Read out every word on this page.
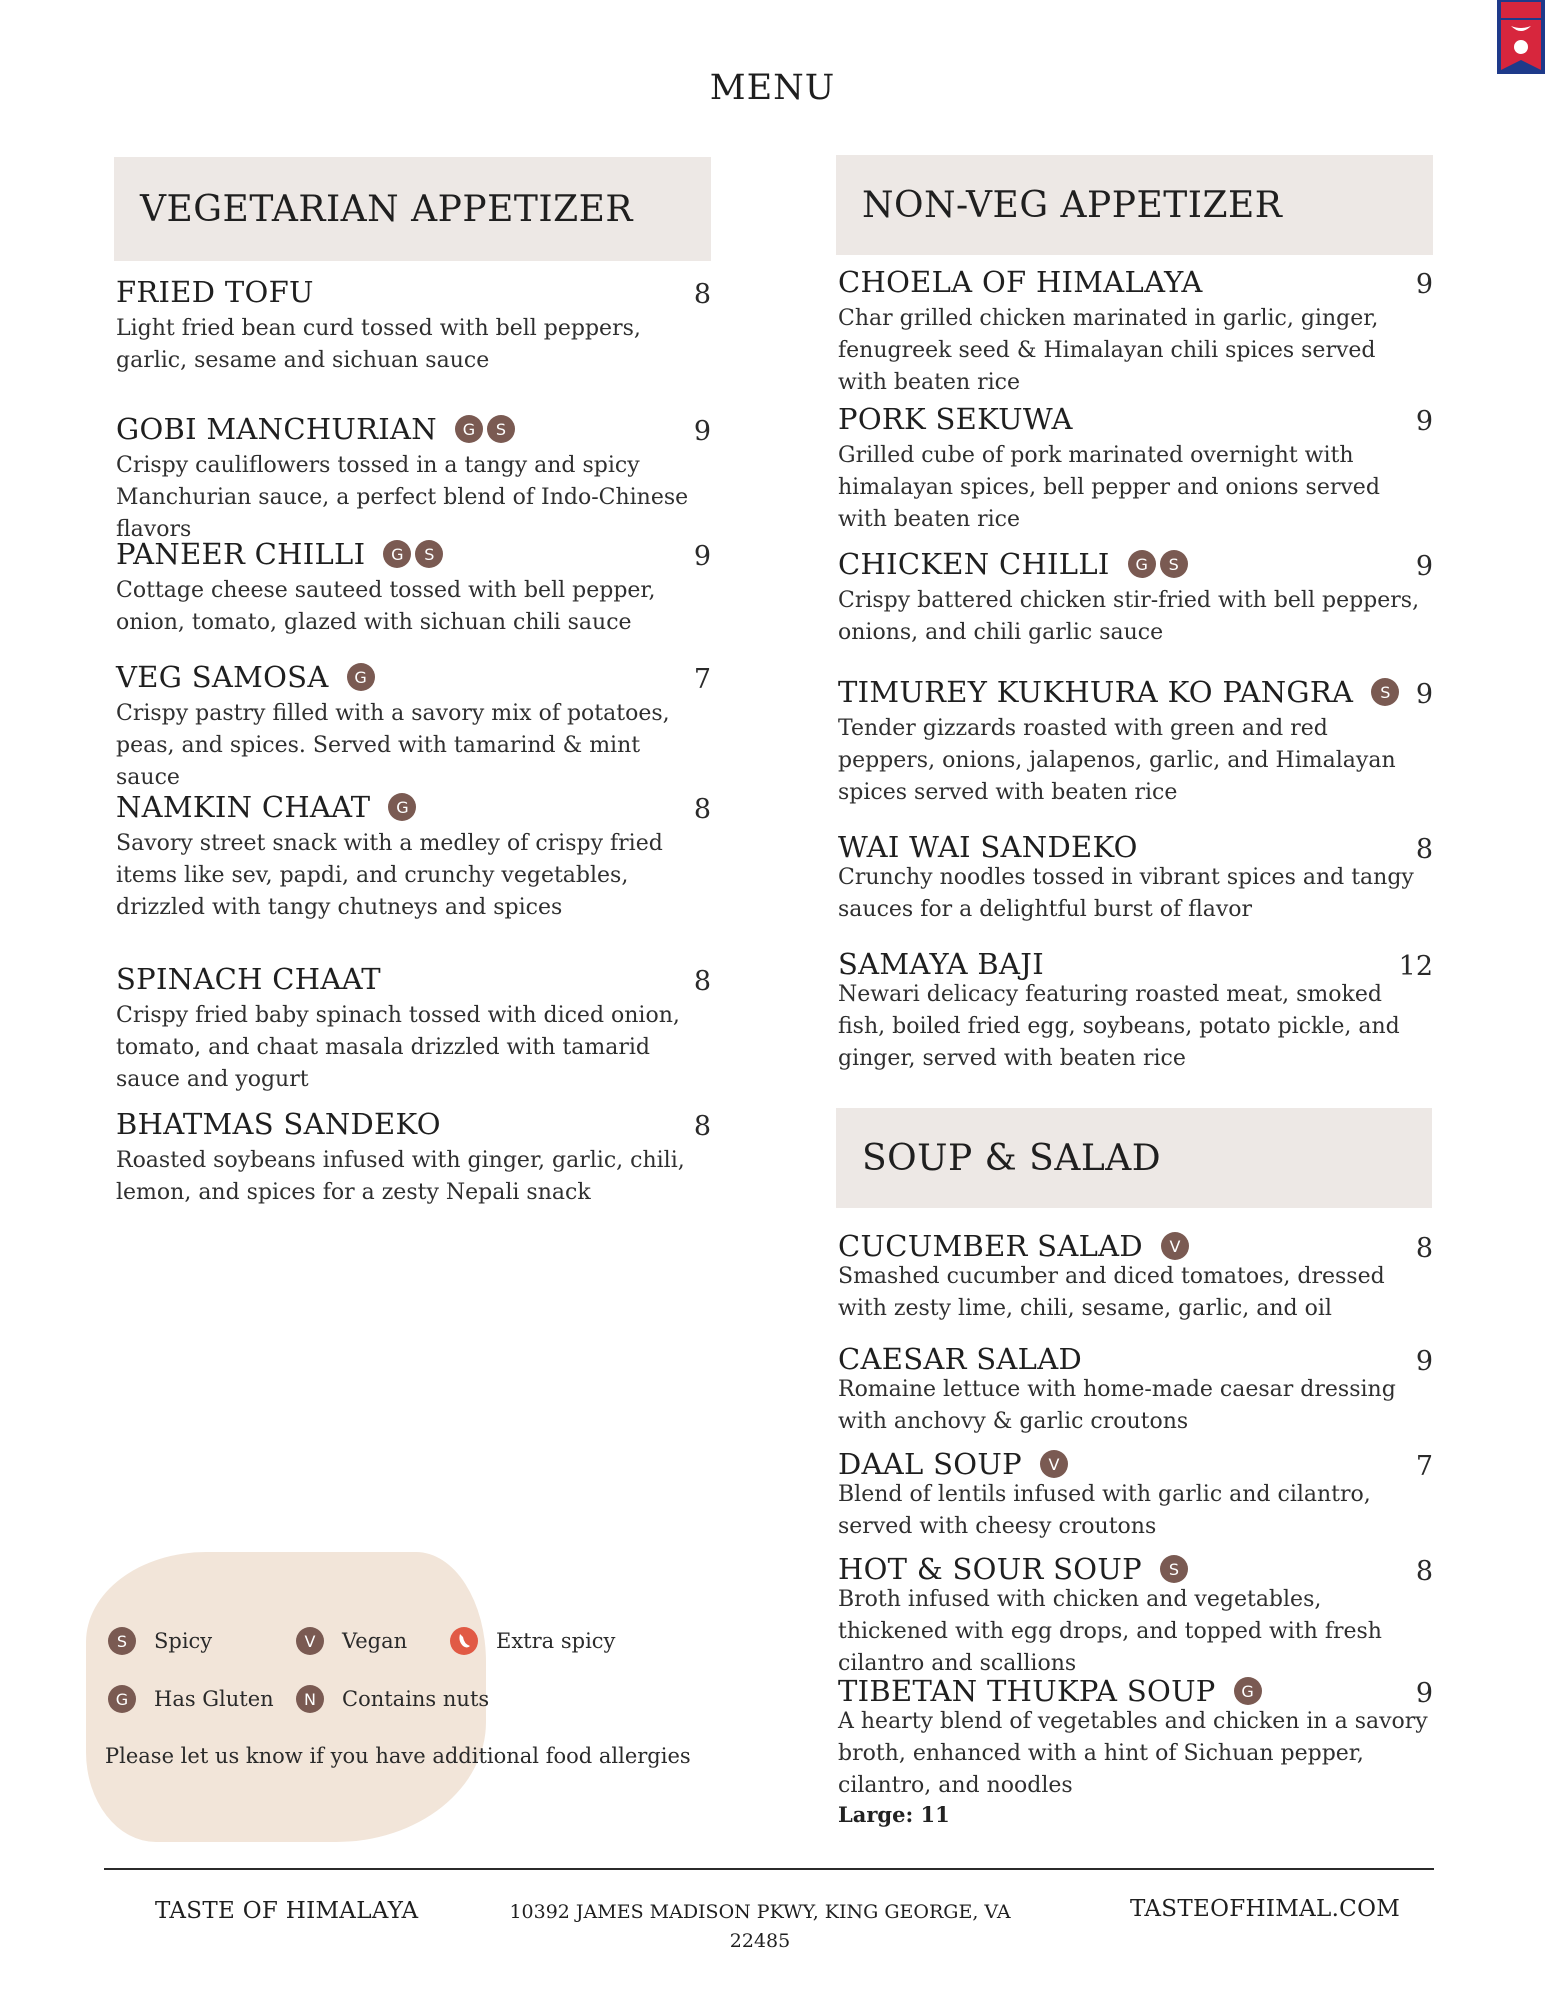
MENU
VEGETARIAN APPETIZER
FRIED TOFU	8
Light fried bean curd tossed with bell peppers, garlic, sesame and sichuan sauce
GOBI MANCHURIAN	G	S	9
Crispy cauliflowers tossed in a tangy and spicy Manchurian sauce, a perfect blend of Indo-Chinese flavors
PANEER CHILLI	G	S	9
Cottage cheese sauteed tossed with bell pepper, onion, tomato, glazed with sichuan chili sauce
VEG SAMOSA	G	7
Crispy pastry filled with a savory mix of potatoes, peas, and spices. Served with tamarind & mint sauce
NAMKIN CHAAT	G	8
Savory street snack with a medley of crispy fried items like sev, papdi, and crunchy vegetables, drizzled with tangy chutneys and spices
SPINACH CHAAT	8
Crispy fried baby spinach tossed with diced onion, tomato, and chaat masala drizzled with tamarid sauce and yogurt
BHATMAS SANDEKO	8
Roasted soybeans infused with ginger, garlic, chili, lemon, and spices for a zesty Nepali snack
NON-VEG APPETIZER
CHOELA OF HIMALAYA	9
Char grilled chicken marinated in garlic, ginger, fenugreek seed & Himalayan chili spices served with beaten rice
PORK SEKUWA	9
Grilled cube of pork marinated overnight with himalayan spices, bell pepper and onions served with beaten rice
CHICKEN CHILLI	G	S	9
Crispy battered chicken stir-fried with bell peppers, onions, and chili garlic sauce
TIMUREY KUKHURA KO PANGRA	S 9
Tender gizzards roasted with green and red peppers, onions, jalapenos, garlic, and Himalayan spices served with beaten rice
WAI WAI SANDEKO	8
Crunchy noodles tossed in vibrant spices and tangy sauces for a delightful burst of flavor
SAMAYA BAJI	12
Newari delicacy featuring roasted meat, smoked fish, boiled fried egg, soybeans, potato pickle, and ginger, served with beaten rice
SOUP & SALAD
CUCUMBER SALAD	V	8
Smashed cucumber and diced tomatoes, dressed with zesty lime, chili, sesame, garlic, and oil
CAESAR SALAD	9
Romaine lettuce with home-made caesar dressing with anchovy & garlic croutons
DAAL SOUP	V	7
Blend of lentils infused with garlic and cilantro, served with cheesy croutons
HOT & SOUR SOUP	S	8
Broth infused with chicken and vegetables, thickened with egg drops, and topped with fresh cilantro and scallions
TIBETAN THUKPA SOUP	G	9
A hearty blend of vegetables and chicken in a savory broth, enhanced with a hint of Sichuan pepper, cilantro, and noodles
Large: 11
S	Spicy	V	Vegan	Extra spicy
G	Has Gluten	N	Contains nuts
Please let us know if you have additional food allergies
TASTE OF HIMALAYA	10392 JAMES MADISON PKWY, KING GEORGE, VA
22485
TASTEOFHIMAL.COM
